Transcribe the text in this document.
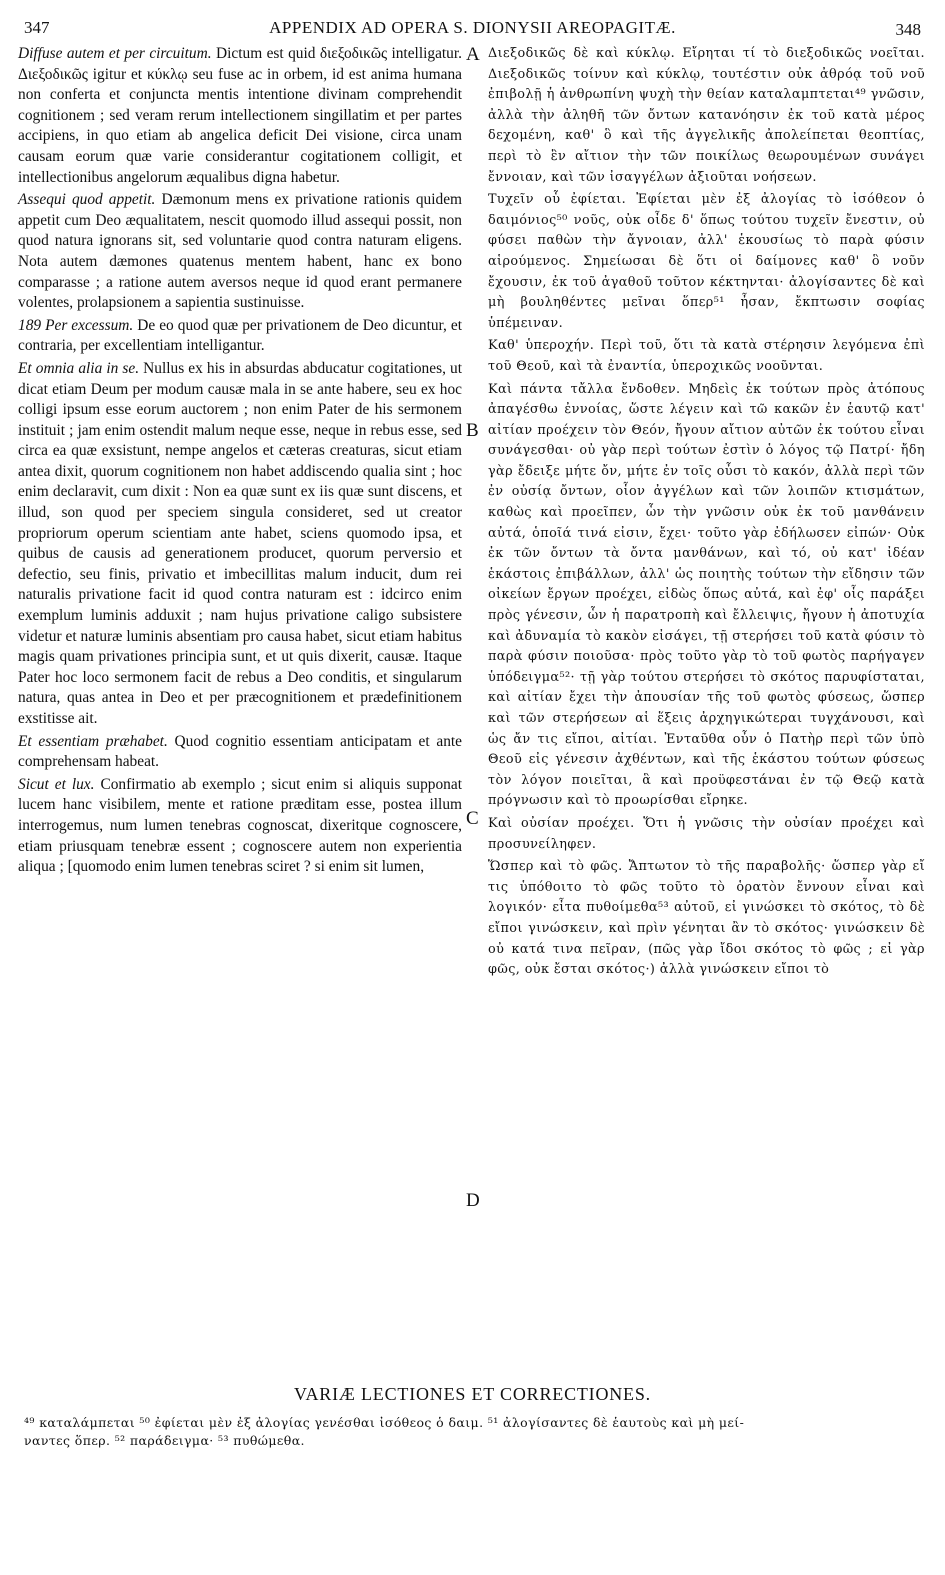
347	APPENDIX AD OPERA S. DIONYSII AREOPAGITÆ.	348

Diffuse autem et per circuitum. Dictum est quid διεξοδικῶς intelligatur. Διεξοδικῶς igitur et κύκλῳ seu fuse ac in orbem, id est anima humana non conferta et conjuncta mentis intentione divinam comprehendit cognitionem ; sed veram rerum intellectionem singillatim et per partes accipiens, in quo etiam ab angelica deficit Dei visione, circa unam causam eorum quæ varie considerantur cogitationem colligit, et intellectionibus angelorum æqualibus digna habetur.

Assequi quod appetit. Dæmonum mens ex privatione rationis quidem appetit cum Deo æqualitatem, nescit quomodo illud assequi possit, non quod natura ignorans sit, sed voluntarie quod contra naturam eligens. Nota autem dæmones quatenus mentem habent, hanc ex bono comparasse ; a ratione autem aversos neque id quod erant permanere volentes, prolapsionem a sapientia sustinuisse.

189 Per excessum. De eo quod quæ per privationem de Deo dicuntur, et contraria, per excellentiam intelligantur.

Et omnia alia in se. Nullus ex his in absurdas abducatur cogitationes, ut dicat etiam Deum per modum causæ mala in se ante habere, seu ex hoc colligi ipsum esse eorum auctorem ; non enim Pater de his sermonem instituit ; jam enim ostendit malum neque esse, neque in rebus esse, sed circa ea quæ exsistunt, nempe angelos et cæteras creaturas, sicut etiam antea dixit, quorum cognitionem non habet addiscendo qualia sint ; hoc enim declaravit, cum dixit : Non ea quæ sunt ex iis quæ sunt discens, et illud, son quod per speciem singula consideret, sed ut creator propriorum operum scientiam ante habet, sciens quomodo ipsa, et quibus de causis ad generationem producet, quorum perversio et defectio, seu finis, privatio et imbecillitas malum inducit, dum rei naturalis privatione facit id quod contra naturam est : idcirco enim exemplum luminis adduxit ; nam hujus privatione caligo subsistere videtur et naturæ luminis absentiam pro causa habet, sicut etiam habitus magis quam privationes principia sunt, et ut quis dixerit, causæ. Itaque Pater hoc loco sermonem facit de rebus a Deo conditis, et singularum natura, quas antea in Deo et per præcognitionem et prædefinitionem exstitisse ait.

Et essentiam præhabet. Quod cognitio essentiam anticipatam et ante comprehensam habeat.

Sicut et lux. Confirmatio ab exemplo ; sicut enim si aliquis supponat lucem hanc visibilem, mente et ratione præditam esse, postea illum interrogemus, num lumen tenebras cognoscat, dixeritque cognoscere, etiam priusquam tenebræ essent ; cognoscere autem non experientia aliqua ; [quomodo enim lumen tenebras sciret ? si enim sit lumen,

A
B
C
D

Διεξοδικῶς δὲ καὶ κύκλῳ. Εἴρηται τί τὸ διεξοδικῶς νοεῖται. Διεξοδικῶς τοίνυν καὶ κύκλῳ, τουτέστιν οὐκ ἀθρόᾳ τοῦ νοῦ ἐπιβολῇ ἡ ἀνθρωπίνη ψυχὴ τὴν θείαν καταλαμπτεται⁴⁹ γνῶσιν, ἀλλὰ τὴν ἀληθῆ τῶν ὄντων κατανόησιν ἐκ τοῦ κατὰ μέρος δεχομένη, καθ' ὃ καὶ τῆς ἀγγελικῆς ἀπολείπεται θεοπτίας, περὶ τὸ ἓν αἴτιον τὴν τῶν ποικίλως θεωρουμένων συνάγει ἔννοιαν, καὶ τῶν ἰσαγγέλων ἀξιοῦται νοήσεων.

Τυχεῖν οὗ ἐφίεται. Ἐφίεται μὲν ἐξ ἀλογίας τὸ ἰσόθεον ὁ δαιμόνιος⁵⁰ νοῦς, οὐκ οἶδε δ' ὅπως τούτου τυχεῖν ἔνεστιν, οὐ φύσει παθὼν τὴν ἄγνοιαν, ἀλλ' ἑκουσίως τὸ παρὰ φύσιν αἱρούμενος. Σημείωσαι δὲ ὅτι οἱ δαίμονες καθ' ὃ νοῦν ἔχουσιν, ἐκ τοῦ ἀγαθοῦ τοῦτον κέκτηνται· ἀλογίσαντες δὲ καὶ μὴ βουληθέντες μεῖναι ὅπερ⁵¹ ἦσαν, ἔκπτωσιν σοφίας ὑπέμειναν.

Καθ' ὑπεροχήν. Περὶ τοῦ, ὅτι τὰ κατὰ στέρησιν λεγόμενα ἐπὶ τοῦ Θεοῦ, καὶ τὰ ἐναντία, ὑπεροχικῶς νοοῦνται.

Καὶ πάντα τἄλλα ἔνδοθεν. Μηδεὶς ἐκ τούτων πρὸς ἀτόπους ἀπαγέσθω ἐννοίας, ὥστε λέγειν καὶ τῶ κακῶν ἐν ἑαυτῷ κατ' αἰτίαν προέχειν τὸν Θεόν, ἤγουν αἴτιον αὐτῶν ἐκ τούτου εἶναι συνάγεσθαι· οὐ γὰρ περὶ τούτων ἐστὶν ὁ λόγος τῷ Πατρί· ἤδη γὰρ ἔδειξε μήτε ὄν, μήτε ἐν τοῖς οὖσι τὸ κακόν, ἀλλὰ περὶ τῶν ἐν οὐσίᾳ ὄντων, οἷον ἀγγέλων καὶ τῶν λοιπῶν κτισμάτων, καθὼς καὶ προεῖπεν, ὧν τὴν γνῶσιν οὐκ ἐκ τοῦ μανθάνειν αὐτά, ὁποῖά τινά εἰσιν, ἔχει· τοῦτο γὰρ ἐδήλωσεν εἰπών· Οὐκ ἐκ τῶν ὄντων τὰ ὄντα μανθάνων, καὶ τό, οὐ κατ' ἰδέαν ἑκάστοις ἐπιβάλλων, ἀλλ' ὡς ποιητὴς τούτων τὴν εἴδησιν τῶν οἰκείων ἔργων προέχει, εἰδὼς ὅπως αὐτά, καὶ ἐφ' οἷς παράξει πρὸς γένεσιν, ὧν ἡ παρατροπὴ καὶ ἔλλειψις, ἤγουν ἡ ἀποτυχία καὶ ἀδυναμία τὸ κακὸν εἰσάγει, τῇ στερήσει τοῦ κατὰ φύσιν τὸ παρὰ φύσιν ποιοῦσα· πρὸς τοῦτο γὰρ τὸ τοῦ φωτὸς παρήγαγεν ὑπόδειγμα⁵²· τῇ γὰρ τούτου στερήσει τὸ σκότος παρυφίσταται, καὶ αἰτίαν ἔχει τὴν ἀπουσίαν τῆς τοῦ φωτὸς φύσεως, ὥσπερ καὶ τῶν στερήσεων αἱ ἕξεις ἀρχηγικώτεραι τυγχάνουσι, καὶ ὡς ἄν τις εἴποι, αἰτίαι. Ἐνταῦθα οὖν ὁ Πατὴρ περὶ τῶν ὑπὸ Θεοῦ εἰς γένεσιν ἀχθέντων, καὶ τῆς ἑκάστου τούτων φύσεως τὸν λόγον ποιεῖται, ἃ καὶ προϋφεστάναι ἐν τῷ Θεῷ κατὰ πρόγνωσιν καὶ τὸ προωρίσθαι εἴρηκε.

Καὶ οὐσίαν προέχει. Ὅτι ἡ γνῶσις τὴν οὐσίαν προέχει καὶ προσυνείληφεν.

Ὥσπερ καὶ τὸ φῶς. Ἄπτωτον τὸ τῆς παραβολῆς· ὥσπερ γὰρ εἴ τις ὑπόθοιτο τὸ φῶς τοῦτο τὸ ὁρατὸν ἔννουν εἶναι καὶ λογικόν· εἶτα πυθοίμεθα⁵³ αὐτοῦ, εἰ γινώσκει τὸ σκότος, τὸ δὲ εἴποι γινώσκειν, καὶ πρὶν γένηται ἂν τὸ σκότος· γινώσκειν δὲ οὐ κατά τινα πεῖραν, (πῶς γὰρ ἴδοι σκότος τὸ φῶς ; εἰ γὰρ φῶς, οὐκ ἔσται σκότος·) ἀλλὰ γινώσκειν εἴποι τὸ

VARIÆ LECTIONES ET CORRECTIONES.

⁴⁹ καταλάμπεται ⁵⁰ ἐφίεται μὲν ἐξ ἀλογίας γενέσθαι ἰσόθεος ὁ δαιμ. ⁵¹ ἀλογίσαντες δὲ ἑαυτοὺς καὶ μὴ μεί-

ναντες ὅπερ. ⁵² παράδειγμα· ⁵³ πυθώμεθα.
